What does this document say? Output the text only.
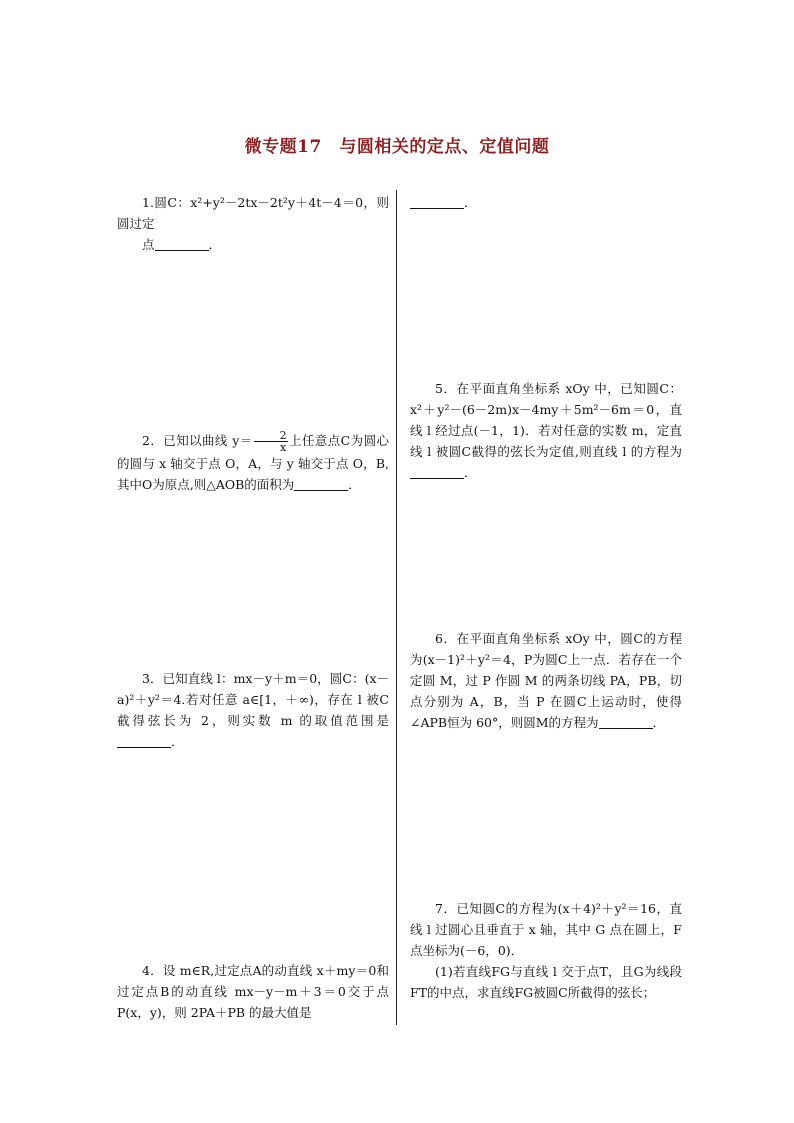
微专题17　与圆相关的定点、定值问题
1.圆C：x²+y²－2tx－2t²y＋4t－4＝0，则圆过定
点	．
2．已知以曲线 $y= \frac{2}{x}$ 上任意点C为圆心的圆与 x 轴交于点 O，A，与 y 轴交于点 O，B,其中O为原点,则△AOB的面积为	．
3．已知直线 l：mx－y＋m＝0，圆C：(x－a)²＋y²＝4.若对任意 a∈[1，＋∞)，存在 l 被C截得弦长为 2，则实数 m 的取值范围是．
4．设 m∈R,过定点A的动直线 x＋my＝0和过定点B的动直线 mx－y－m＋3＝0交于点 P(x，y)，则 2PA＋PB 的最大值是
．
5．在平面直角坐标系 xOy 中，已知圆C：x²＋y²－(6－2m)x－4my＋5m²－6m＝0，直线 l 经过点(－1，1)．若对任意的实数 m，定直线 l 被圆C截得的弦长为定值,则直线 l 的方程为．
6．在平面直角坐标系 xOy 中，圆C的方程为(x－1)²＋y²＝4，P为圆C上一点．若存在一个定圆 M，过 P 作圆 M 的两条切线 PA，PB，切点分别为 A，B，当 P 在圆C上运动时，使得∠APB恒为 60°，则圆M的方程为	．
7．已知圆C的方程为(x＋4)²＋y²＝16，直线 l 过圆心且垂直于 x 轴，其中 G 点在圆上，F 点坐标为(－6，0)．
(1)若直线FG与直线 l 交于点T，且G为线段FT的中点，求直线FG被圆C所截得的弦长；
